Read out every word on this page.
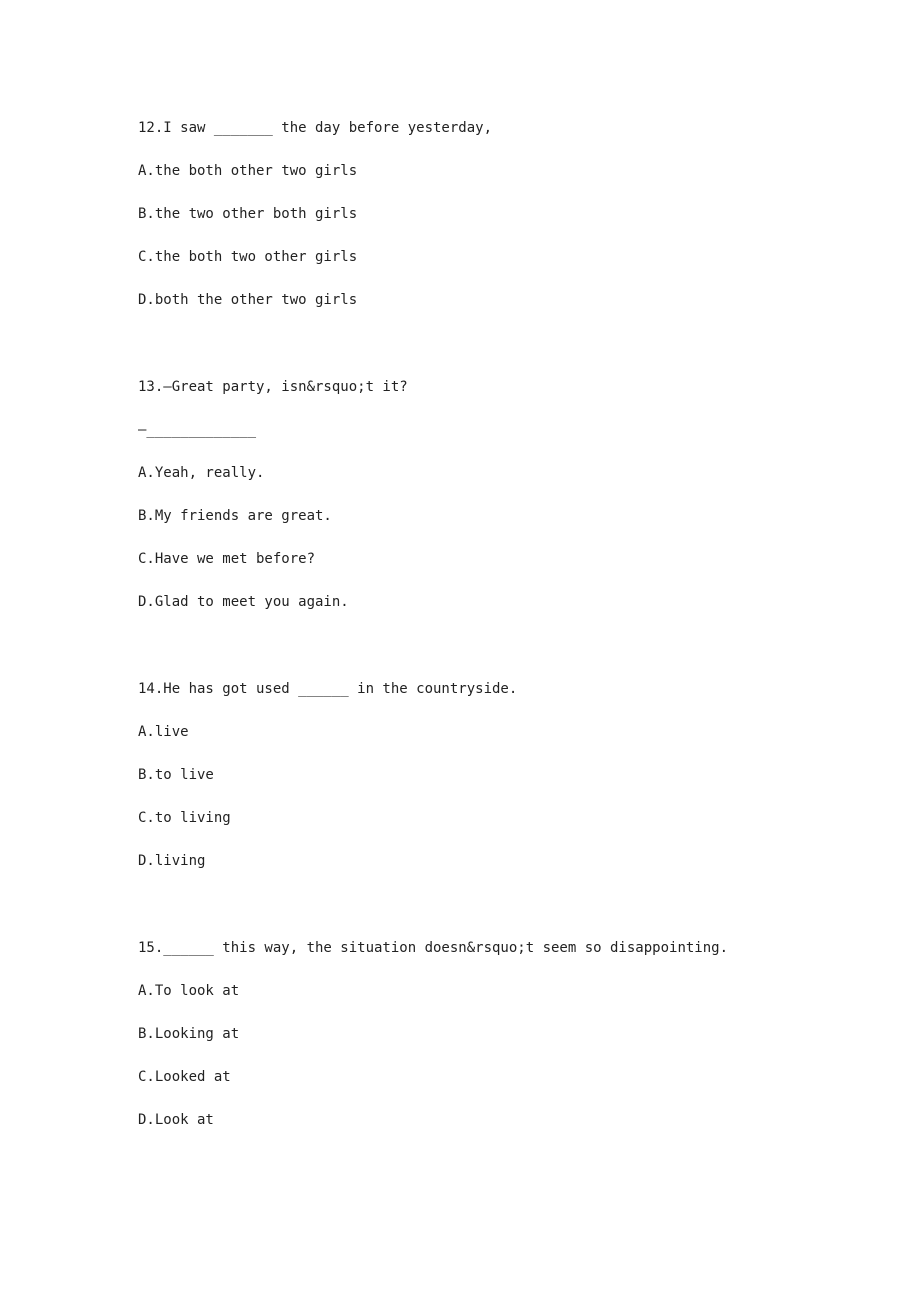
12.I saw _______ the day before yesterday,
A.the both other two girls
B.the two other both girls
C.the both two other girls
D.both the other two girls
13.—Great party, isn&rsquo;t it?
—_____________
A.Yeah, really.
B.My friends are great.
C.Have we met before?
D.Glad to meet you again.
14.He has got used ______ in the countryside.
A.live
B.to live
C.to living
D.living
15.______ this way, the situation doesn&rsquo;t seem so disappointing.
A.To look at
B.Looking at
C.Looked at
D.Look at
